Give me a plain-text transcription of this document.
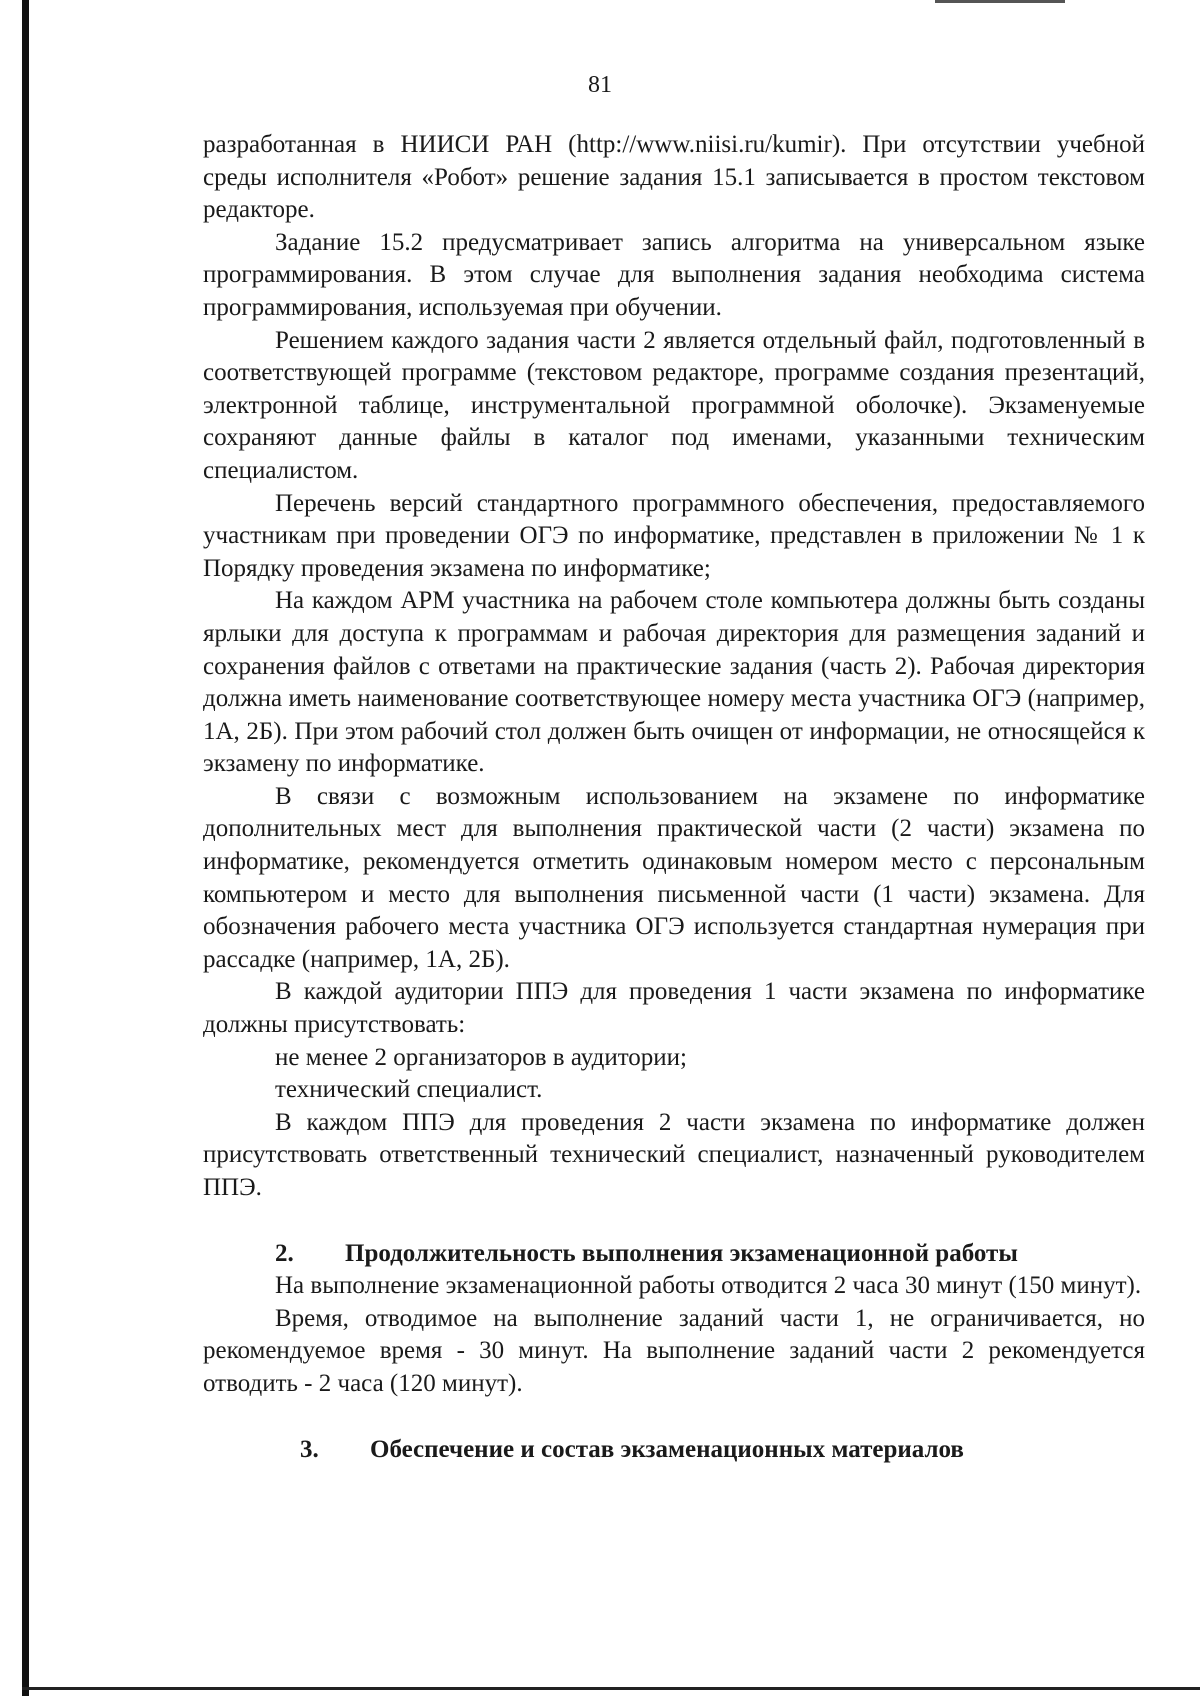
81

разработанная в НИИСИ РАН (http://www.niisi.ru/kumir). При отсутствии учебной среды исполнителя «Робот» решение задания 15.1 записывается в простом текстовом редакторе.

Задание 15.2 предусматривает запись алгоритма на универсальном языке программирования. В этом случае для выполнения задания необходима система программирования, используемая при обучении.

Решением каждого задания части 2 является отдельный файл, подготовленный в соответствующей программе (текстовом редакторе, программе создания презентаций, электронной таблице, инструментальной программной оболочке). Экзаменуемые сохраняют данные файлы в каталог под именами, указанными техническим специалистом.

Перечень версий стандартного программного обеспечения, предоставляемого участникам при проведении ОГЭ по информатике, представлен в приложении № 1 к Порядку проведения экзамена по информатике;

На каждом АРМ участника на рабочем столе компьютера должны быть созданы ярлыки для доступа к программам и рабочая директория для размещения заданий и сохранения файлов с ответами на практические задания (часть 2). Рабочая директория должна иметь наименование соответствующее номеру места участника ОГЭ (например, 1А, 2Б). При этом рабочий стол должен быть очищен от информации, не относящейся к экзамену по информатике.

В связи с возможным использованием на экзамене по информатике дополнительных мест для выполнения практической части (2 части) экзамена по информатике, рекомендуется отметить одинаковым номером место с персональным компьютером и место для выполнения письменной части (1 части) экзамена. Для обозначения рабочего места участника ОГЭ используется стандартная нумерация при рассадке (например, 1А, 2Б).

В каждой аудитории ППЭ для проведения 1 части экзамена по информатике должны присутствовать:

не менее 2 организаторов в аудитории;

технический специалист.

В каждом ППЭ для проведения 2 части экзамена по информатике должен присутствовать ответственный технический специалист, назначенный руководителем ППЭ.

2. Продолжительность выполнения экзаменационной работы

На выполнение экзаменационной работы отводится 2 часа 30 минут (150 минут).

Время, отводимое на выполнение заданий части 1, не ограничивается, но рекомендуемое время - 30 минут. На выполнение заданий части 2 рекомендуется отводить - 2 часа (120 минут).

3. Обеспечение и состав экзаменационных материалов
